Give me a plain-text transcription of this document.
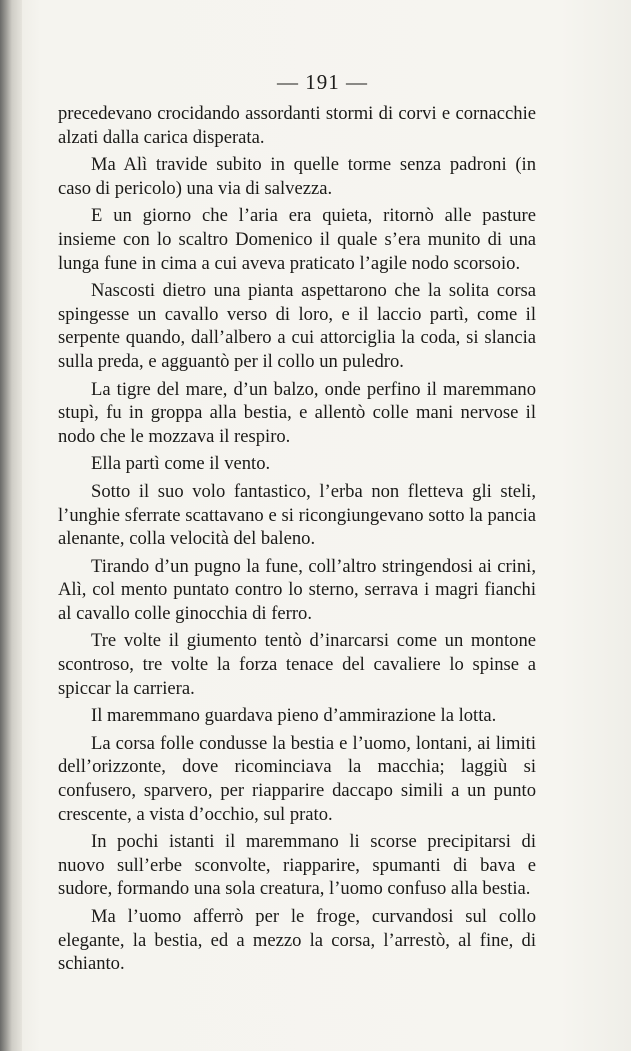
— 191 —

precedevano crocidando assordanti stormi di corvi e cornacchie alzati dalla carica disperata.

Ma Alì travide subito in quelle torme senza padroni (in caso di pericolo) una via di salvezza.

E un giorno che l’aria era quieta, ritornò alle pasture insieme con lo scaltro Domenico il quale s’era munito di una lunga fune in cima a cui aveva praticato l’agile nodo scorsoio.

Nascosti dietro una pianta aspettarono che la solita corsa spingesse un cavallo verso di loro, e il laccio partì, come il serpente quando, dall’albero a cui attorciglia la coda, si slancia sulla preda, e agguantò per il collo un puledro.

La tigre del mare, d’un balzo, onde perfino il maremmano stupì, fu in groppa alla bestia, e allentò colle mani nervose il nodo che le mozzava il respiro.

Ella partì come il vento.

Sotto il suo volo fantastico, l’erba non fletteva gli steli, l’unghie sferrate scattavano e si ricongiungevano sotto la pancia alenante, colla velocità del baleno.

Tirando d’un pugno la fune, coll’altro stringendosi ai crini, Alì, col mento puntato contro lo sterno, serrava i magri fianchi al cavallo colle ginocchia di ferro.

Tre volte il giumento tentò d’inarcarsi come un montone scontroso, tre volte la forza tenace del cavaliere lo spinse a spiccar la carriera.

Il maremmano guardava pieno d’ammirazione la lotta.

La corsa folle condusse la bestia e l’uomo, lontani, ai limiti dell’orizzonte, dove ricominciava la macchia; laggiù si confusero, sparvero, per riapparire daccapo simili a un punto crescente, a vista d’occhio, sul prato.

In pochi istanti il maremmano li scorse precipitarsi di nuovo sull’erbe sconvolte, riapparire, spumanti di bava e sudore, formando una sola creatura, l’uomo confuso alla bestia.

Ma l’uomo afferrò per le froge, curvandosi sul collo elegante, la bestia, ed a mezzo la corsa, l’arrestò, al fine, di schianto.
